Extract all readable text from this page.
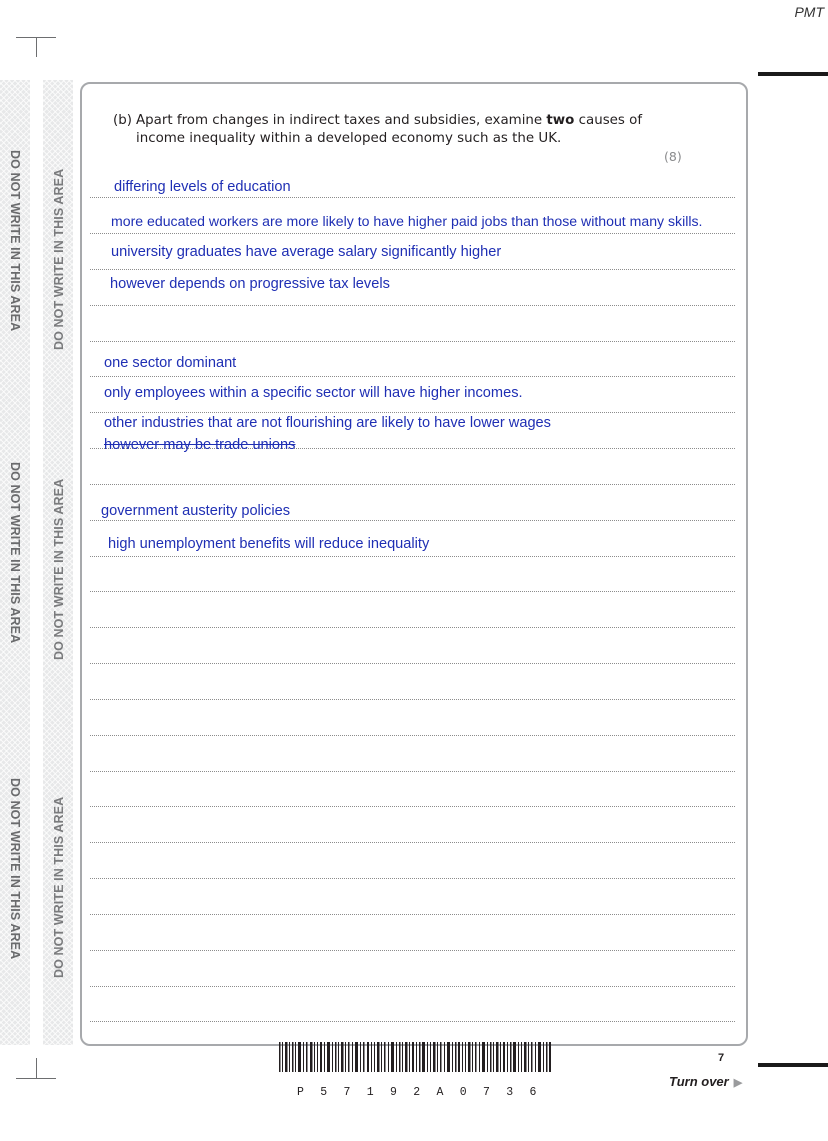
DO NOT WRITE IN THIS AREA
DO NOT WRITE IN THIS AREA
DO NOT WRITE IN THIS AREA
DO NOT WRITE IN THIS AREA
DO NOT WRITE IN THIS AREA
DO NOT WRITE IN THIS AREA
PMT
(b) Apart from changes in indirect taxes and subsidies, examine two causes of
income inequality within a developed economy such as the UK.
(8)
differing levels of education
more educated workers are more likely to have higher paid jobs than those without many skills.
university graduates have average salary significantly higher
however depends on progressive tax levels
one sector dominant
only employees within a specific sector will have higher incomes.
other industries that are not flourishing are likely to have lower wages
however may be trade unions
government austerity policies
high unemployment benefits will reduce inequality
7
Turn over ▶
P 5 7 1 9 2 A 0 7 3 6
